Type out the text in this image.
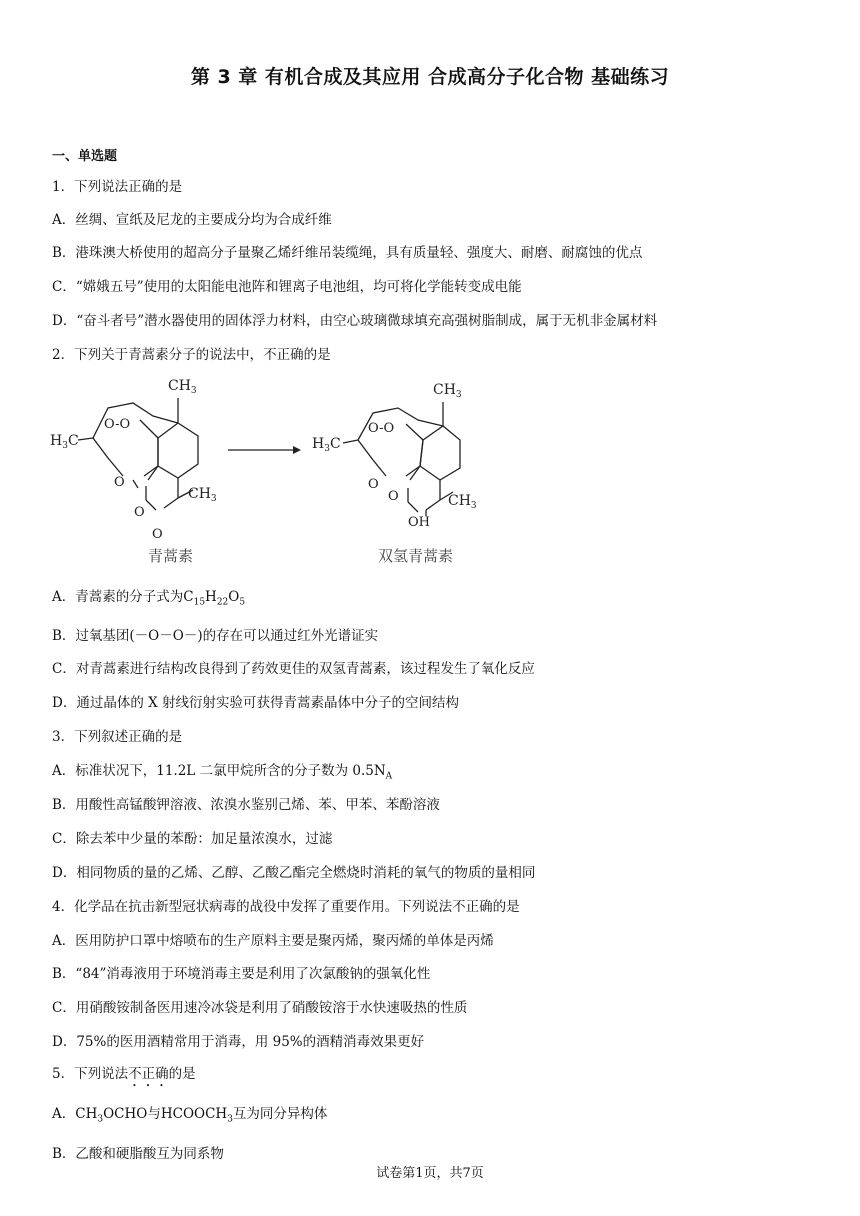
第 3 章 有机合成及其应用 合成高分子化合物 基础练习
一、单选题
1．下列说法正确的是
A．丝绸、宣纸及尼龙的主要成分均为合成纤维
B．港珠澳大桥使用的超高分子量聚乙烯纤维吊装缆绳，具有质量轻、强度大、耐磨、耐腐蚀的优点
C．“嫦娥五号”使用的太阳能电池阵和锂离子电池组，均可将化学能转变成电能
D．“奋斗者号”潜水器使用的固体浮力材料，由空心玻璃微球填充高强树脂制成，属于无机非金属材料
2．下列关于青蒿素分子的说法中，不正确的是
$CH_3$
$H_3C$
O-O
O
O
O
$CH_3$
$CH_3$
$H_3C$
O-O
O
O
OH
$CH_3$
青蒿素	双氢青蒿素
A．青蒿素的分子式为$C_{15}H_{22}O_5$
B．过氧基团(－O－O－)的存在可以通过红外光谱证实
C．对青蒿素进行结构改良得到了药效更佳的双氢青蒿素，该过程发生了氧化反应
D．通过晶体的 X 射线衍射实验可获得青蒿素晶体中分子的空间结构
3．下列叙述正确的是
A．标准状况下，11.2L 二氯甲烷所含的分子数为 $0.5N_A$
B．用酸性高锰酸钾溶液、浓溴水鉴别己烯、苯、甲苯、苯酚溶液
C．除去苯中少量的苯酚：加足量浓溴水，过滤
D．相同物质的量的乙烯、乙醇、乙酸乙酯完全燃烧时消耗的氧气的物质的量相同
4．化学品在抗击新型冠状病毒的战役中发挥了重要作用。下列说法不正确的是
A．医用防护口罩中熔喷布的生产原料主要是聚丙烯，聚丙烯的单体是丙烯
B．“84”消毒液用于环境消毒主要是利用了次氯酸钠的强氧化性
C．用硝酸铵制备医用速冷冰袋是利用了硝酸铵溶于水快速吸热的性质
D．75%的医用酒精常用于消毒，用 95%的酒精消毒效果更好
5．下列说法不正确的是
A．$CH_3OCHO$与$HCOOCH_3$互为同分异构体
B．乙酸和硬脂酸互为同系物
试卷第1页，共7页
